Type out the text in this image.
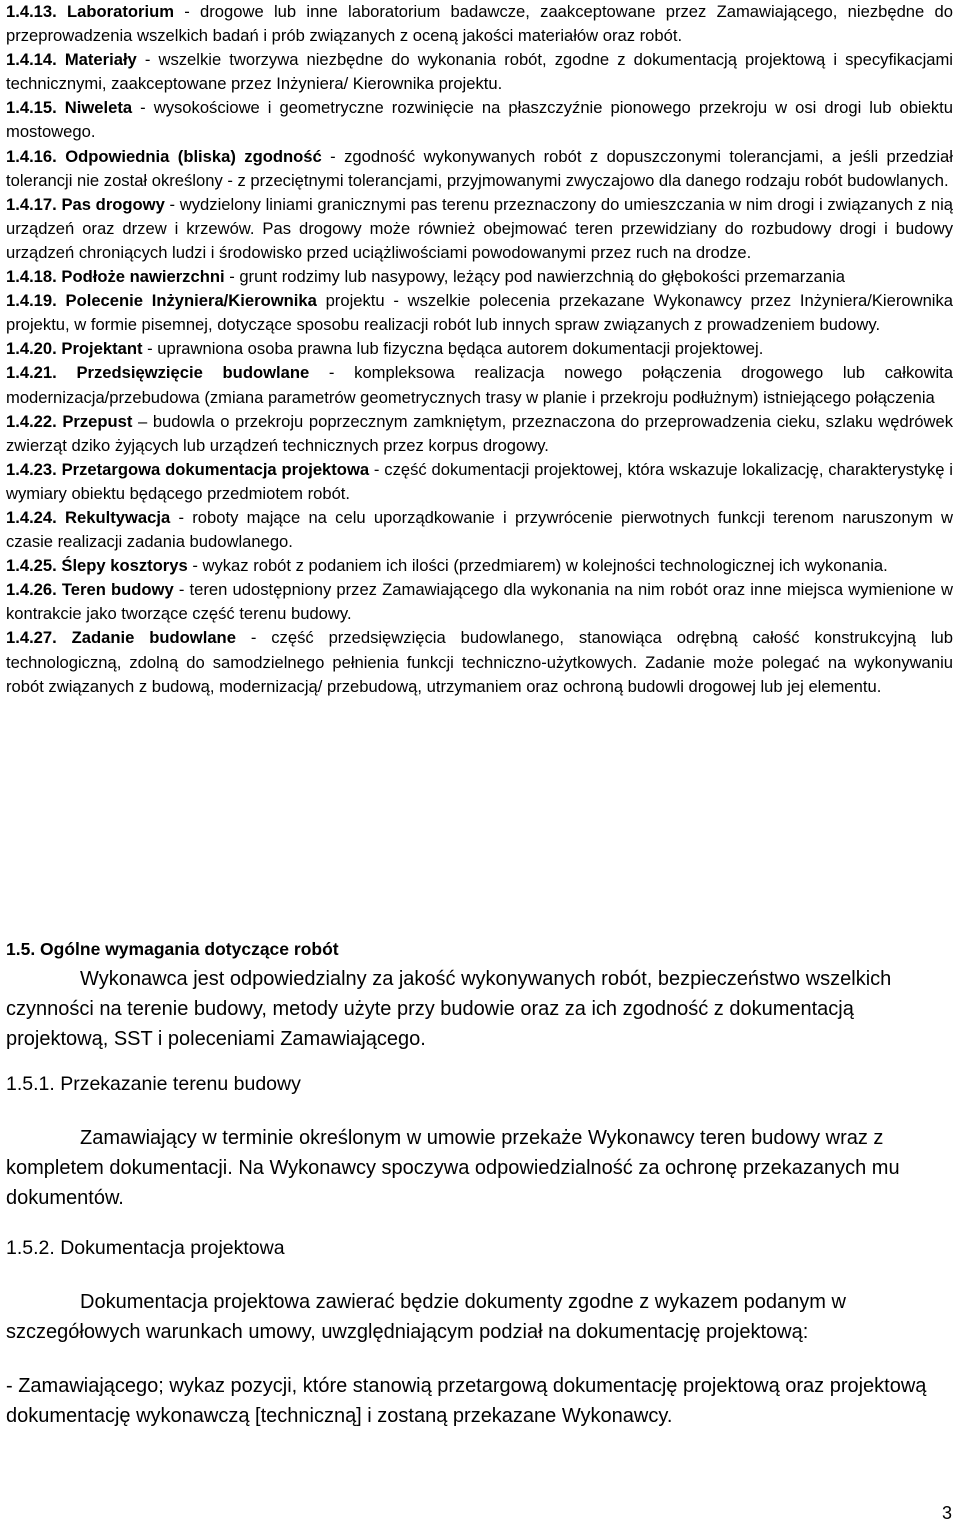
1.4.13. Laboratorium - drogowe lub inne laboratorium badawcze, zaakceptowane przez Zamawiającego, niezbędne do przeprowadzenia wszelkich badań i prób związanych z oceną jakości materiałów oraz robót.

1.4.14. Materiały - wszelkie tworzywa niezbędne do wykonania robót, zgodne z dokumentacją projektową i specyfikacjami technicznymi, zaakceptowane przez Inżyniera/ Kierownika projektu.

1.4.15. Niweleta - wysokościowe i geometryczne rozwinięcie na płaszczyźnie pionowego przekroju w osi drogi lub obiektu mostowego.

1.4.16. Odpowiednia (bliska) zgodność - zgodność wykonywanych robót z dopuszczonymi tolerancjami, a jeśli przedział tolerancji nie został określony - z przeciętnymi tolerancjami, przyjmowanymi zwyczajowo dla danego rodzaju robót budowlanych.

1.4.17. Pas drogowy - wydzielony liniami granicznymi pas terenu przeznaczony do umieszczania w nim drogi i związanych z nią urządzeń oraz drzew i krzewów. Pas drogowy może również obejmować teren przewidziany do rozbudowy drogi i budowy urządzeń chroniących ludzi i środowisko przed uciążliwościami powodowanymi przez ruch na drodze.

1.4.18. Podłoże nawierzchni - grunt rodzimy lub nasypowy, leżący pod nawierzchnią do głębokości przemarzania

1.4.19. Polecenie Inżyniera/Kierownika projektu - wszelkie polecenia przekazane Wykonawcy przez Inżyniera/Kierownika projektu, w formie pisemnej, dotyczące sposobu realizacji robót lub innych spraw związanych z prowadzeniem budowy.

1.4.20. Projektant - uprawniona osoba prawna lub fizyczna będąca autorem dokumentacji projektowej.

1.4.21. Przedsięwzięcie budowlane - kompleksowa realizacja nowego połączenia drogowego lub całkowita modernizacja/przebudowa (zmiana parametrów geometrycznych trasy w planie i przekroju podłużnym) istniejącego połączenia

1.4.22. Przepust – budowla o przekroju poprzecznym zamkniętym, przeznaczona do przeprowadzenia cieku, szlaku wędrówek zwierząt dziko żyjących lub urządzeń technicznych przez korpus drogowy.

1.4.23. Przetargowa dokumentacja projektowa - część dokumentacji projektowej, która wskazuje lokalizację, charakterystykę i wymiary obiektu będącego przedmiotem robót.

1.4.24. Rekultywacja - roboty mające na celu uporządkowanie i przywrócenie pierwotnych funkcji terenom naruszonym w czasie realizacji zadania budowlanego.

1.4.25. Ślepy kosztorys - wykaz robót z podaniem ich ilości (przedmiarem) w kolejności technologicznej ich wykonania.

1.4.26. Teren budowy - teren udostępniony przez Zamawiającego dla wykonania na nim robót oraz inne miejsca wymienione w kontrakcie jako tworzące część terenu budowy.

1.4.27. Zadanie budowlane - część przedsięwzięcia budowlanego, stanowiąca odrębną całość konstrukcyjną lub technologiczną, zdolną do samodzielnego pełnienia funkcji techniczno-użytkowych. Zadanie może polegać na wykonywaniu robót związanych z budową, modernizacją/ przebudową, utrzymaniem oraz ochroną budowli drogowej lub jej elementu.

1.5. Ogólne wymagania dotyczące robót

Wykonawca jest odpowiedzialny za jakość wykonywanych robót, bezpieczeństwo wszelkich czynności na terenie budowy, metody użyte przy budowie oraz za ich zgodność z dokumentacją projektową, SST i poleceniami Zamawiającego.

1.5.1. Przekazanie terenu budowy

Zamawiający w terminie określonym w umowie przekaże Wykonawcy teren budowy wraz z kompletem dokumentacji. Na Wykonawcy spoczywa odpowiedzialność za ochronę przekazanych mu dokumentów.

1.5.2. Dokumentacja projektowa

Dokumentacja projektowa zawierać będzie dokumenty zgodne z wykazem podanym w szczegółowych warunkach umowy, uwzględniającym podział na dokumentację projektową:

- Zamawiającego; wykaz pozycji, które stanowią przetargową dokumentację projektową oraz projektową dokumentację wykonawczą [techniczną] i zostaną przekazane Wykonawcy.

3
